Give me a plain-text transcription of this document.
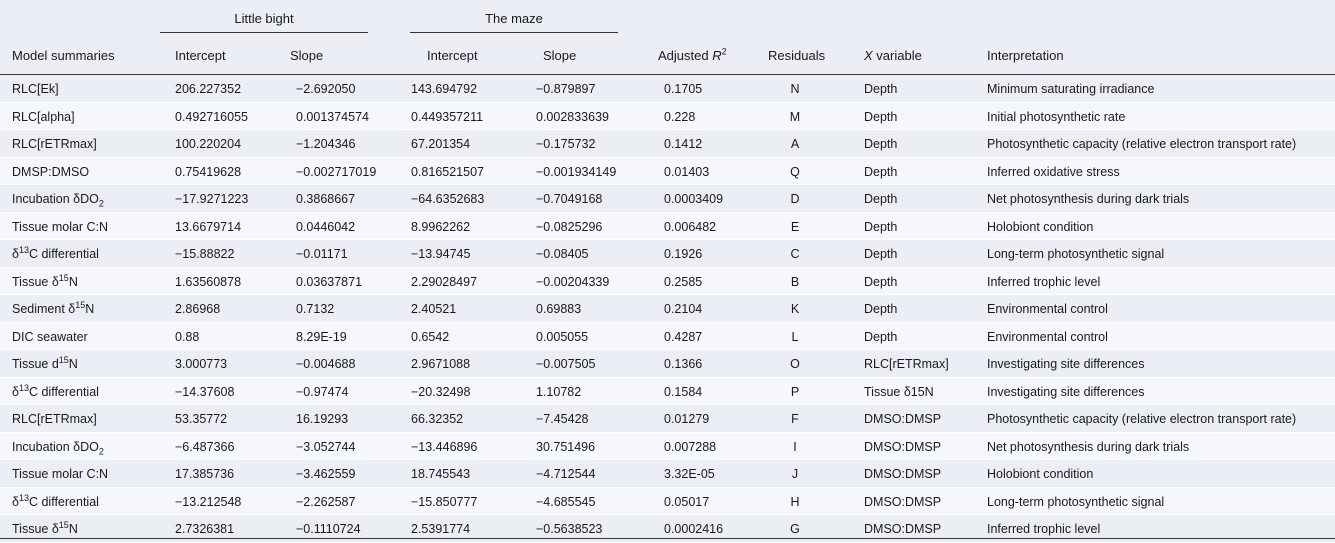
Little bight	The maze
Model summaries	Intercept	Slope	Intercept	Slope	Adjusted $R^2$	Residuals	X variable	Interpretation
RLC[Ek]	206.227352	−2.692050	143.694792	−0.879897	0.1705	N	Depth	Minimum saturating irradiance
RLC[alpha]	0.492716055	0.001374574	0.449357211	0.002833639	0.228	M	Depth	Initial photosynthetic rate
RLC[rETRmax]	100.220204	−1.204346	67.201354	−0.175732	0.1412	A	Depth	Photosynthetic capacity (relative electron transport rate)
DMSP:DMSO	0.75419628	−0.002717019	0.816521507	−0.001934149	0.01403	Q	Depth	Inferred oxidative stress
Incubation δDO$_2$	−17.9271223	0.3868667	−64.6352683	−0.7049168	0.0003409	D	Depth	Net photosynthesis during dark trials
Tissue molar C:N	13.6679714	0.0446042	8.9962262	−0.0825296	0.006482	E	Depth	Holobiont condition
$\delta^{13}C$ differential	−15.88822	−0.01171	−13.94745	−0.08405	0.1926	C	Depth	Long-term photosynthetic signal
Tissue $\delta^{15}N$	1.63560878	0.03637871	2.29028497	−0.00204339	0.2585	B	Depth	Inferred trophic level
Sediment $\delta^{15}N$	2.86968	0.7132	2.40521	0.69883	0.2104	K	Depth	Environmental control
DIC seawater	0.88	8.29E-19	0.6542	0.005055	0.4287	L	Depth	Environmental control
Tissue $d^{15}N$	3.000773	−0.004688	2.9671088	−0.007505	0.1366	O	RLC[rETRmax]	Investigating site differences
$\delta^{13}C$ differential	−14.37608	−0.97474	−20.32498	1.10782	0.1584	P	Tissue δ15N	Investigating site differences
RLC[rETRmax]	53.35772	16.19293	66.32352	−7.45428	0.01279	F	DMSO:DMSP	Photosynthetic capacity (relative electron transport rate)
Incubation δDO$_2$	−6.487366	−3.052744	−13.446896	30.751496	0.007288	I	DMSO:DMSP	Net photosynthesis during dark trials
Tissue molar C:N	17.385736	−3.462559	18.745543	−4.712544	3.32E-05	J	DMSO:DMSP	Holobiont condition
$\delta^{13}C$ differential	−13.212548	−2.262587	−15.850777	−4.685545	0.05017	H	DMSO:DMSP	Long-term photosynthetic signal
Tissue $\delta^{15}N$	2.7326381	−0.1110724	2.5391774	−0.5638523	0.0002416	G	DMSO:DMSP	Inferred trophic level
